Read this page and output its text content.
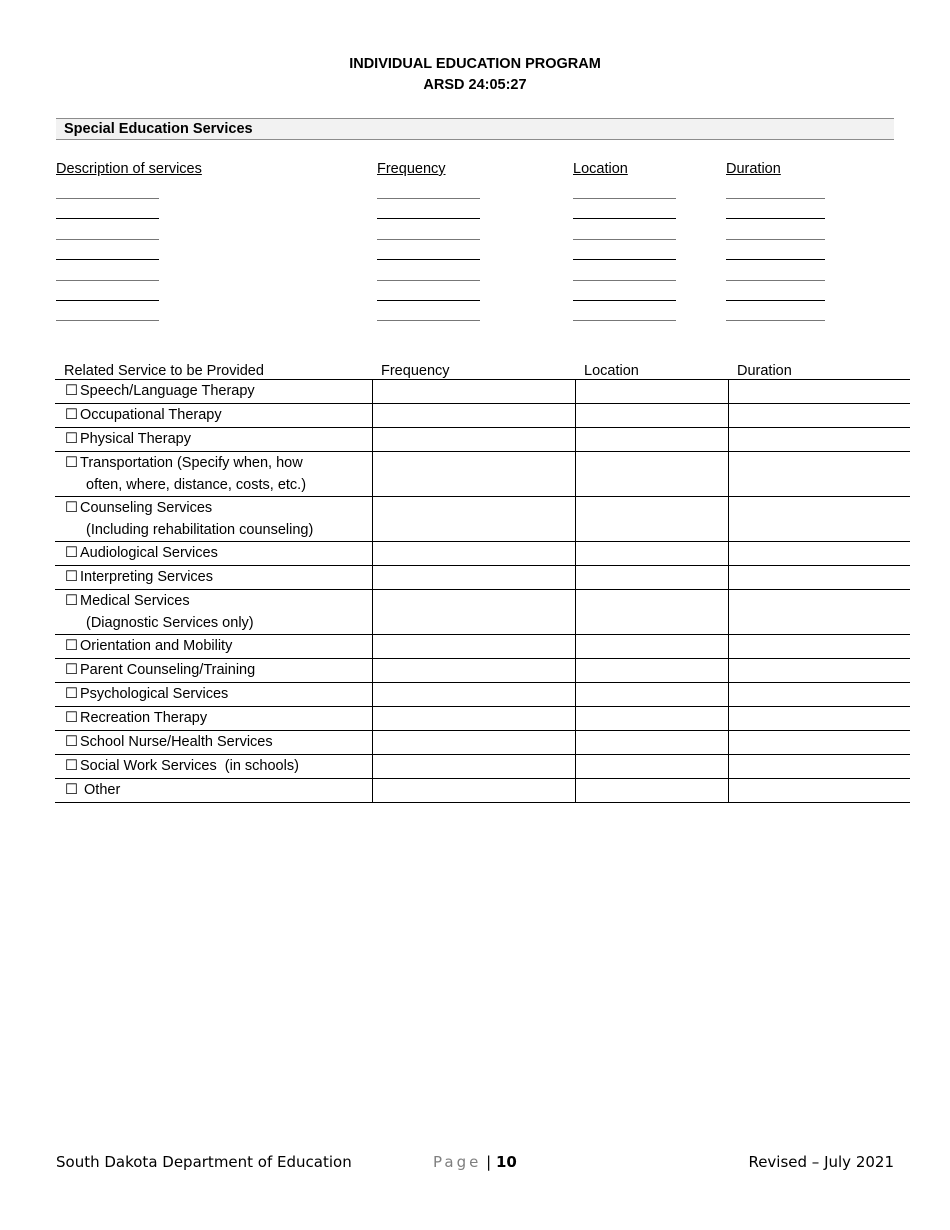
INDIVIDUAL EDUCATION PROGRAM
ARSD 24:05:27
Special Education Services
Description of services	Frequency	Location	Duration
Related Service to be Provided	Frequency	Location	Duration
☐ Speech/Language Therapy			
☐ Occupational Therapy			
☐ Physical Therapy			
☐ Transportation (Specify when, how
often, where, distance, costs, etc.)			

☐ Counseling Services
(Including rehabilitation counseling)			

☐ Audiological Services			
☐ Interpreting Services			
☐ Medical Services
(Diagnostic Services only)			

☐ Orientation and Mobility			
☐ Parent Counseling/Training			
☐ Psychological Services			
☐ Recreation Therapy			
☐ School Nurse/Health Services			
☐ Social Work Services  (in schools)			
☐ Other			
South Dakota Department of Education	Page | 10	Revised – July 2021
